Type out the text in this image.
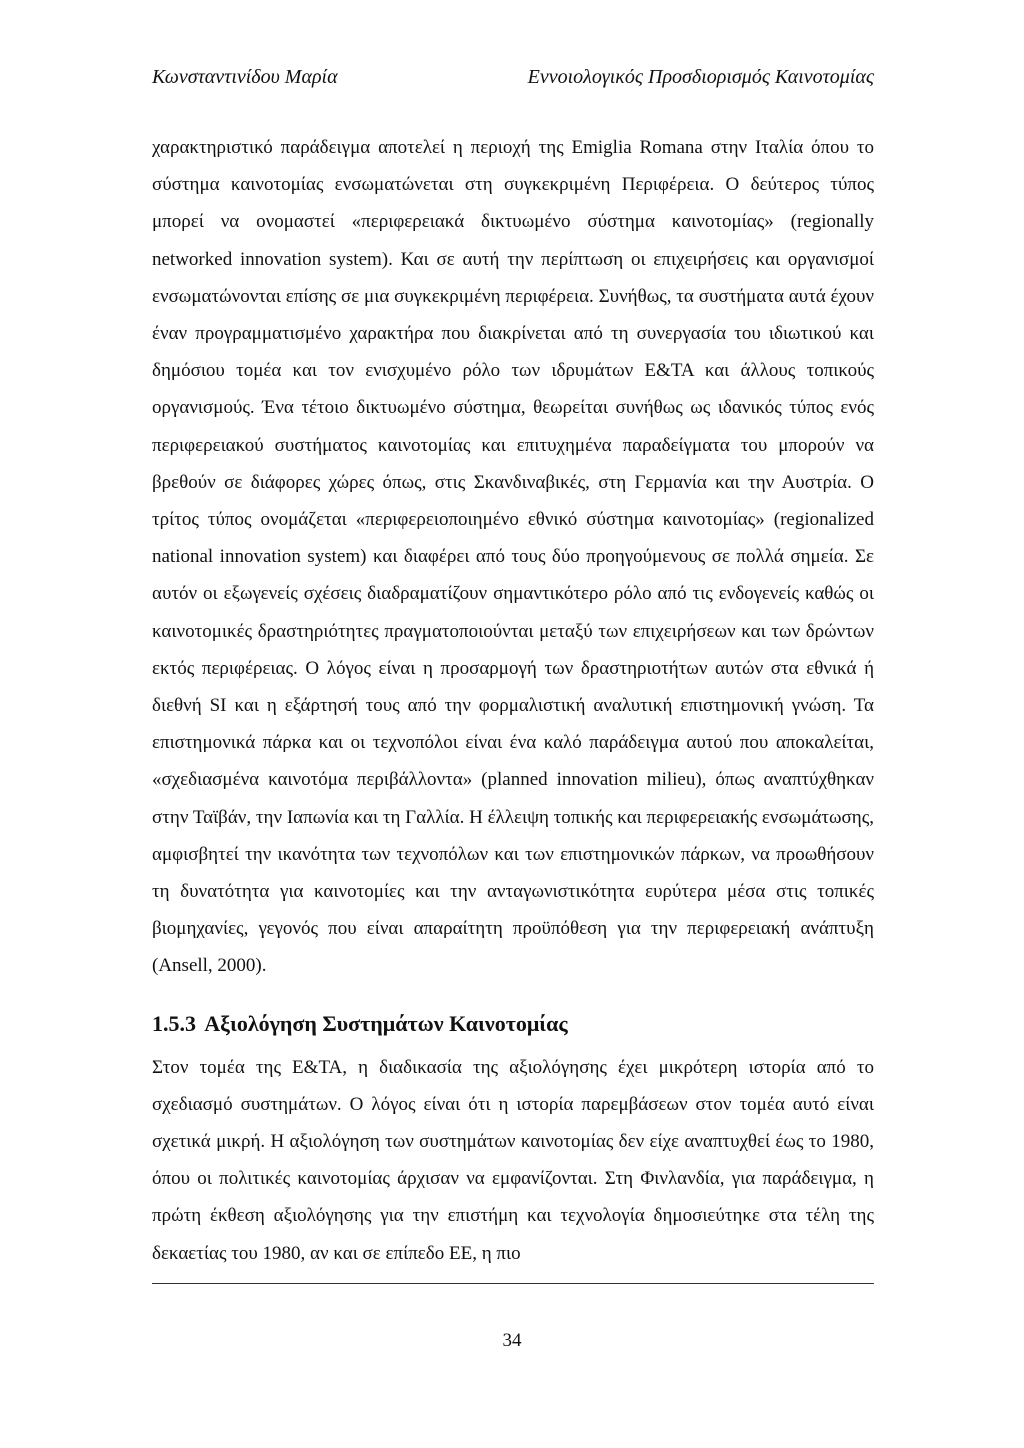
Κωνσταντινίδου Μαρία	Εννοιολογικός Προσδιορισμός Καινοτομίας

χαρακτηριστικό παράδειγμα αποτελεί η περιοχή της Emiglia Romana στην Ιταλία όπου το σύστημα καινοτομίας ενσωματώνεται στη συγκεκριμένη Περιφέρεια. Ο δεύτερος τύπος μπορεί να ονομαστεί «περιφερειακά δικτυωμένο σύστημα καινοτομίας» (regionally networked innovation system). Και σε αυτή την περίπτωση οι επιχειρήσεις και οργανισμοί ενσωματώνονται επίσης σε μια συγκεκριμένη περιφέρεια. Συνήθως, τα συστήματα αυτά έχουν έναν προγραμματισμένο χαρακτήρα που διακρίνεται από τη συνεργασία του ιδιωτικού και δημόσιου τομέα και τον ενισχυμένο ρόλο των ιδρυμάτων Ε&ΤΑ και άλλους τοπικούς οργανισμούς. Ένα τέτοιο δικτυωμένο σύστημα, θεωρείται συνήθως ως ιδανικός τύπος ενός περιφερειακού συστήματος καινοτομίας και επιτυχημένα παραδείγματα του μπορούν να βρεθούν σε διάφορες χώρες όπως, στις Σκανδιναβικές, στη Γερμανία και την Αυστρία. Ο τρίτος τύπος ονομάζεται «περιφερειοποιημένο εθνικό σύστημα καινοτομίας» (regionalized national innovation system) και διαφέρει από τους δύο προηγούμενους σε πολλά σημεία. Σε αυτόν οι εξωγενείς σχέσεις διαδραματίζουν σημαντικότερο ρόλο από τις ενδογενείς καθώς οι καινοτομικές δραστηριότητες πραγματοποιούνται μεταξύ των επιχειρήσεων και των δρώντων εκτός περιφέρειας. Ο λόγος είναι η προσαρμογή των δραστηριοτήτων αυτών στα εθνικά ή διεθνή SI και η εξάρτησή τους από την φορμαλιστική αναλυτική επιστημονική γνώση. Τα επιστημονικά πάρκα και οι τεχνοπόλοι είναι ένα καλό παράδειγμα αυτού που αποκαλείται, «σχεδιασμένα καινοτόμα περιβάλλοντα» (planned innovation milieu), όπως αναπτύχθηκαν στην Ταϊβάν, την Ιαπωνία και τη Γαλλία. Η έλλειψη τοπικής και περιφερειακής ενσωμάτωσης, αμφισβητεί την ικανότητα των τεχνοπόλων και των επιστημονικών πάρκων, να προωθήσουν τη δυνατότητα για καινοτομίες και την ανταγωνιστικότητα ευρύτερα μέσα στις τοπικές βιομηχανίες, γεγονός που είναι απαραίτητη προϋπόθεση για την περιφερειακή ανάπτυξη (Ansell, 2000).

1.5.3 Αξιολόγηση Συστημάτων Καινοτομίας

Στον τομέα της Ε&ΤΑ, η διαδικασία της αξιολόγησης έχει μικρότερη ιστορία από το σχεδιασμό συστημάτων. Ο λόγος είναι ότι η ιστορία παρεμβάσεων στον τομέα αυτό είναι σχετικά μικρή. Η αξιολόγηση των συστημάτων καινοτομίας δεν είχε αναπτυχθεί έως το 1980, όπου οι πολιτικές καινοτομίας άρχισαν να εμφανίζονται. Στη Φινλανδία, για παράδειγμα, η πρώτη έκθεση αξιολόγησης για την επιστήμη και τεχνολογία δημοσιεύτηκε στα τέλη της δεκαετίας του 1980, αν και σε επίπεδο ΕΕ, η πιο

34
